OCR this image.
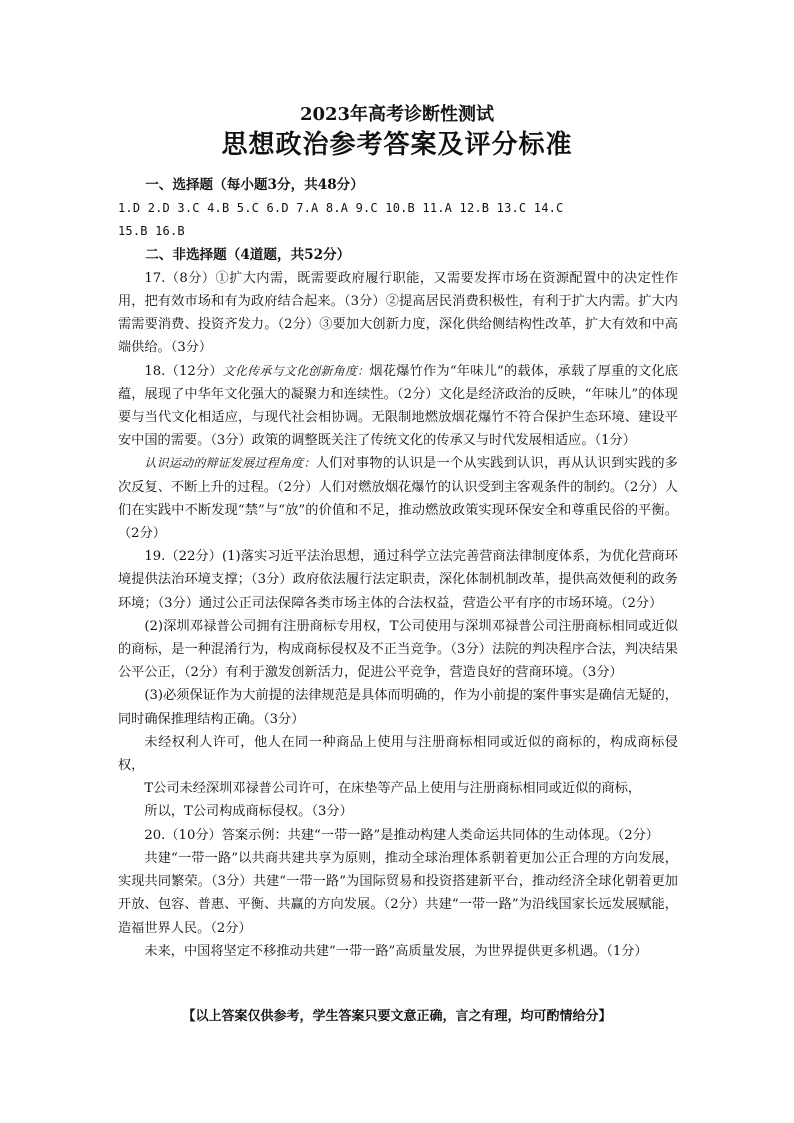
2023年高考诊断性测试
思想政治参考答案及评分标准

一、选择题（每小题3分，共48分）

1.D 2.D 3.C 4.B 5.C 6.D 7.A 8.A 9.C 10.B 11.A 12.B 13.C 14.C

15.B 16.B

二、非选择题（4道题，共52分）

17.（8分）①扩大内需，既需要政府履行职能，又需要发挥市场在资源配置中的决定性作用，把有效市场和有为政府结合起来。（3分）②提高居民消费积极性，有利于扩大内需。扩大内需需要消费、投资齐发力。（2分）③要加大创新力度，深化供给侧结构性改革，扩大有效和中高端供给。（3分）

18.（12分）文化传承与文化创新角度：烟花爆竹作为“年味儿”的载体，承载了厚重的文化底蕴，展现了中华年文化强大的凝聚力和连续性。（2分）文化是经济政治的反映，“年味儿”的体现要与当代文化相适应，与现代社会相协调。无限制地燃放烟花爆竹不符合保护生态环境、建设平安中国的需要。（3分）政策的调整既关注了传统文化的传承又与时代发展相适应。（1分）

认识运动的辩证发展过程角度：人们对事物的认识是一个从实践到认识，再从认识到实践的多次反复、不断上升的过程。（2分）人们对燃放烟花爆竹的认识受到主客观条件的制约。（2分）人们在实践中不断发现“禁”与“放”的价值和不足，推动燃放政策实现环保安全和尊重民俗的平衡。（2分）

19.（22分）(1)落实习近平法治思想，通过科学立法完善营商法律制度体系，为优化营商环境提供法治环境支撑；（3分）政府依法履行法定职责，深化体制机制改革，提供高效便利的政务环境；（3分）通过公正司法保障各类市场主体的合法权益，营造公平有序的市场环境。（2分）

(2)深圳邓禄普公司拥有注册商标专用权，T公司使用与深圳邓禄普公司注册商标相同或近似的商标，是一种混淆行为，构成商标侵权及不正当竞争。（3分）法院的判决程序合法，判决结果公平公正，（2分）有利于激发创新活力，促进公平竞争，营造良好的营商环境。（3分）

(3)必须保证作为大前提的法律规范是具体而明确的，作为小前提的案件事实是确信无疑的，同时确保推理结构正确。（3分）

未经权利人许可，他人在同一种商品上使用与注册商标相同或近似的商标的，构成商标侵权，

T公司未经深圳邓禄普公司许可，在床垫等产品上使用与注册商标相同或近似的商标，

所以，T公司构成商标侵权。（3分）

20.（10分）答案示例：共建“一带一路”是推动构建人类命运共同体的生动体现。（2分）

共建“一带一路”以共商共建共享为原则，推动全球治理体系朝着更加公正合理的方向发展，实现共同繁荣。（3分）共建“一带一路”为国际贸易和投资搭建新平台，推动经济全球化朝着更加开放、包容、普惠、平衡、共赢的方向发展。（2分）共建“一带一路”为沿线国家长远发展赋能，造福世界人民。（2分）

未来，中国将坚定不移推动共建“一带一路”高质量发展，为世界提供更多机遇。（1分）

【以上答案仅供参考，学生答案只要文意正确，言之有理，均可酌情给分】
